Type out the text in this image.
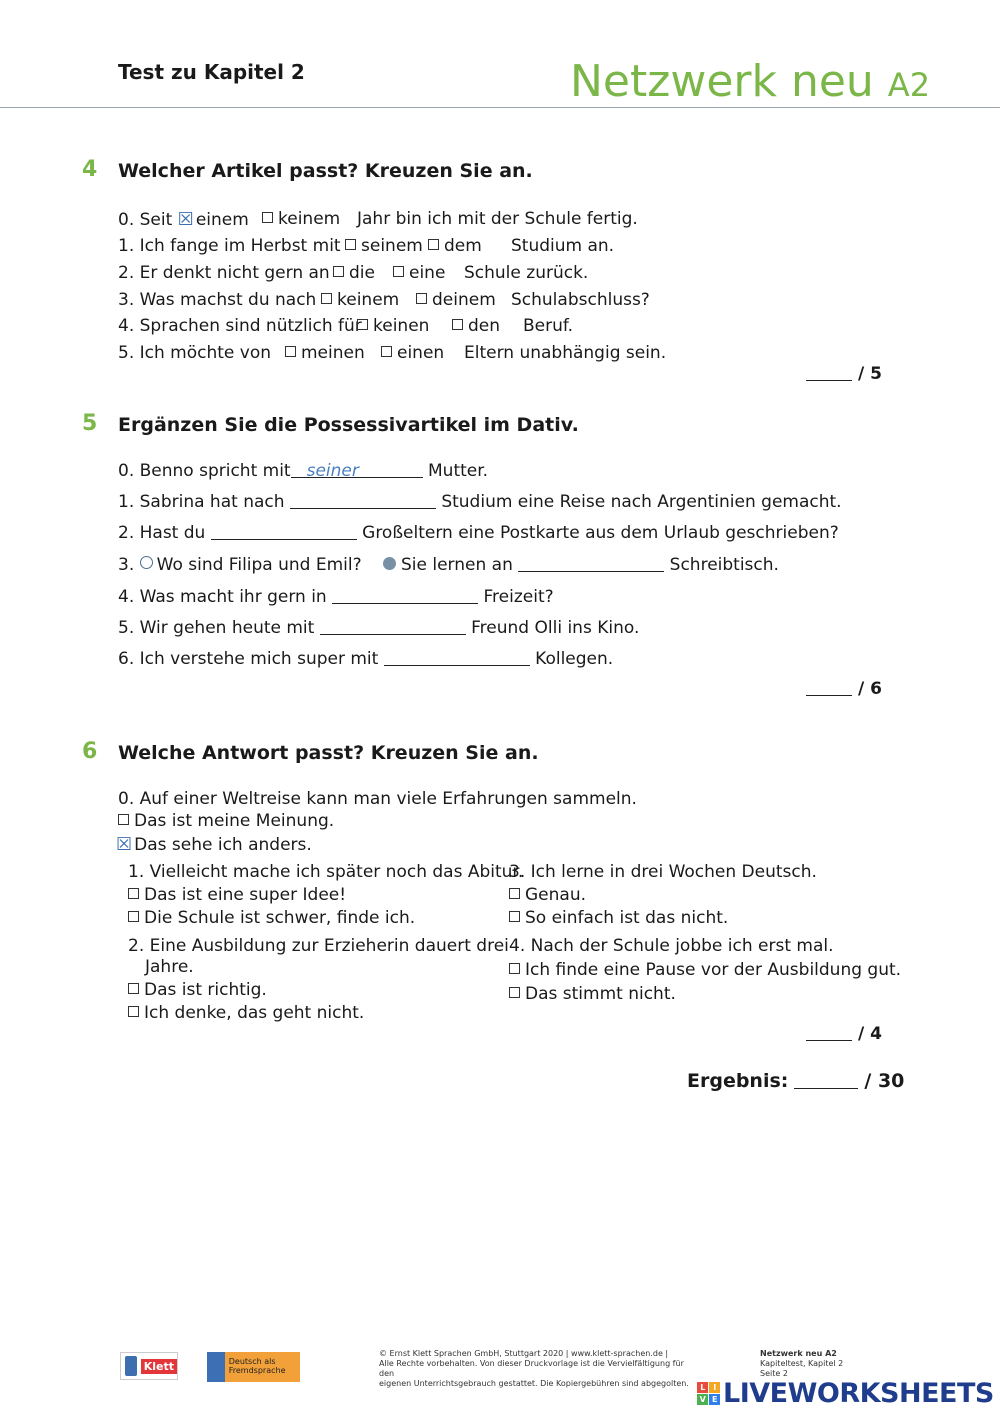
Test zu Kapitel 2	Netzwerk neu A2
4 Welcher Artikel passt? Kreuzen Sie an.
0. Seit ☒ einem	keinem Jahr bin ich mit der Schule fertig.
1. Ich fange im Herbst mit	seinem	dem Studium an.
2. Er denkt nicht gern an	die	eine Schule zurück.
3. Was machst du nach	keinem	deinem Schulabschluss?
4. Sprachen sind nützlich für keinen	den Beruf.
5. Ich möchte von	meinen	einen Eltern unabhängig sein.
/ 5
5 Ergänzen Sie die Possessivartikel im Dativ.
0. Benno spricht mit seiner	Mutter.
1. Sabrina hat nach	Studium eine Reise nach Argentinien gemacht.
2. Hast du	Großeltern eine Postkarte aus dem Urlaub geschrieben?
3. Wo sind Filipa und Emil?	Sie lernen an	Schreibtisch.
4. Was macht ihr gern in	Freizeit?
5. Wir gehen heute mit	Freund Olli ins Kino.
6. Ich verstehe mich super mit	Kollegen.
/ 6
6 Welche Antwort passt? Kreuzen Sie an.
0. Auf einer Weltreise kann man viele Erfahrungen sammeln.
Das ist meine Meinung.
☒ Das sehe ich anders.
1. Vielleicht mache ich später noch das Abitur.
Das ist eine super Idee!
Die Schule ist schwer, finde ich.
2. Eine Ausbildung zur Erzieherin dauert drei
Jahre.
Das ist richtig.
Ich denke, das geht nicht.
3. Ich lerne in drei Wochen Deutsch.
Genau.
So einfach ist das nicht.
4. Nach der Schule jobbe ich erst mal.
Ich finde eine Pause vor der Ausbildung gut.
Das stimmt nicht.
/ 4
Ergebnis:	/ 30
Klett	Deutsch als Fremdsprache
© Ernst Klett Sprachen GmbH, Stuttgart 2020 | www.klett-sprachen.de |
Alle Rechte vorbehalten. Von dieser Druckvorlage ist die Vervielfältigung für den
eigenen Unterrichtsgebrauch gestattet. Die Kopiergebühren sind abgegolten.
Netzwerk neu A2
Kapiteltest, Kapitel 2
Seite 2
L	I
V E LIVEWORKSHEETS
